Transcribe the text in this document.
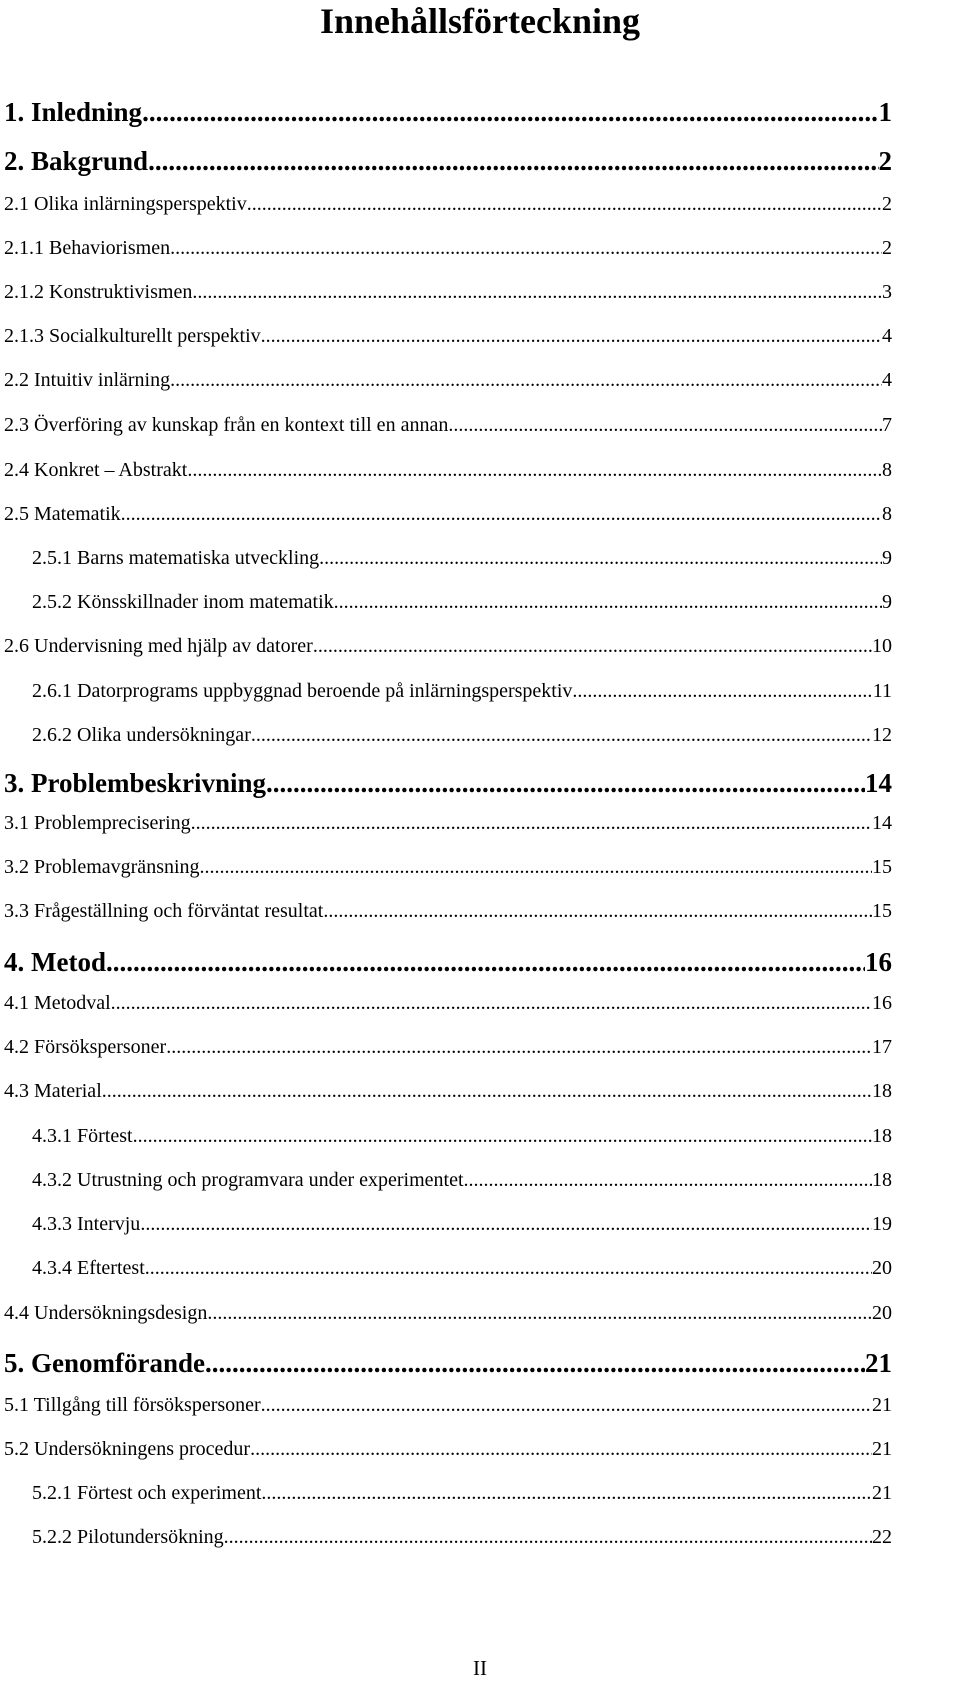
Innehållsförteckning
1. Inledning .....	1
2. Bakgrund .....	2
2.1 Olika inlärningsperspektiv .....	2
2.1.1 Behaviorismen .....	2
2.1.2 Konstruktivismen .....	3
2.1.3 Socialkulturellt perspektiv .....	4
2.2 Intuitiv inlärning .....	4
2.3 Överföring av kunskap från en kontext till en annan .....	7
2.4 Konkret – Abstrakt .....	8
2.5 Matematik .....	8
2.5.1 Barns matematiska utveckling .....	9
2.5.2 Könsskillnader inom matematik .....	9
2.6 Undervisning med hjälp av datorer .....	10
2.6.1 Datorprograms uppbyggnad beroende på inlärningsperspektiv .....	11
2.6.2 Olika undersökningar .....	12
3. Problembeskrivning .....	14
3.1 Problemprecisering .....	14
3.2 Problemavgränsning .....	15
3.3 Frågeställning och förväntat resultat .....	15
4. Metod .....	16
4.1 Metodval .....	16
4.2 Försökspersoner .....	17
4.3 Material .....	18
4.3.1 Förtest .....	18
4.3.2 Utrustning och programvara under experimentet .....	18
4.3.3 Intervju .....	19
4.3.4 Eftertest .....	20
4.4 Undersökningsdesign .....	20
5. Genomförande .....	21
5.1 Tillgång till försökspersoner .....	21
5.2 Undersökningens procedur .....	21
5.2.1 Förtest och experiment .....	21
5.2.2 Pilotundersökning .....	22
II
